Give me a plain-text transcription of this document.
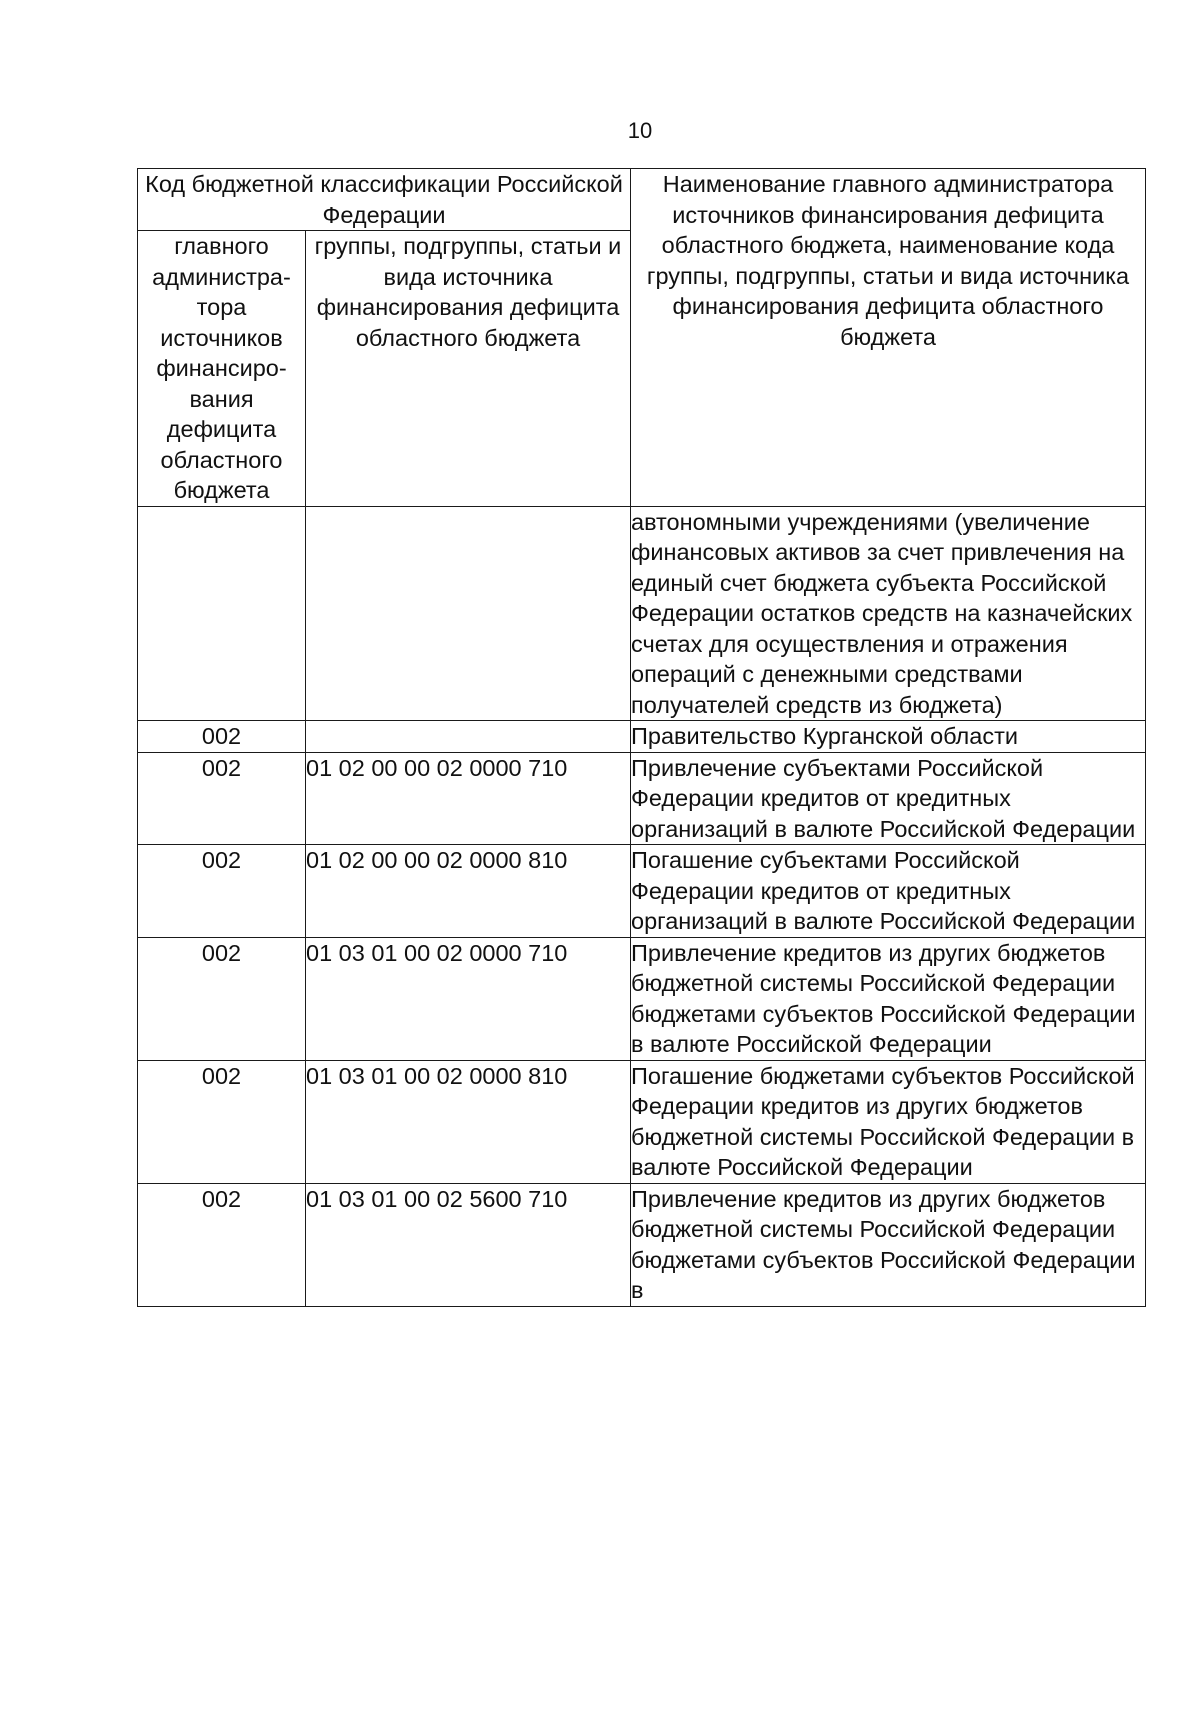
10
Код бюджетной классификации Российской Федерации		Наименование главного администратора источников финансирования дефицита областного бюджета, наименование кода группы, подгруппы, статьи и вида источника финансирования дефицита областного бюджета
главного администра-тора источников финансиро-вания дефицита областного бюджета	группы, подгруппы, статьи и вида источника финансирования дефицита областного бюджета	
		автономными учреждениями (увеличение финансовых активов за счет привлечения на единый счет бюджета субъекта Российской Федерации остатков средств на казначейских счетах для осуществления и отражения операций с денежными средствами получателей средств из бюджета)
002		Правительство Курганской области
002	01 02 00 00 02 0000 710	Привлечение субъектами Российской Федерации кредитов от кредитных организаций в валюте Российской Федерации
002	01 02 00 00 02 0000 810	Погашение субъектами Российской Федерации кредитов от кредитных организаций в валюте Российской Федерации
002	01 03 01 00 02 0000 710	Привлечение кредитов из других бюджетов бюджетной системы Российской Федерации бюджетами субъектов Российской Федерации в валюте Российской Федерации
002	01 03 01 00 02 0000 810	Погашение бюджетами субъектов Российской Федерации кредитов из других бюджетов бюджетной системы Российской Федерации в валюте Российской Федерации
002	01 03 01 00 02 5600 710	Привлечение кредитов из других бюджетов бюджетной системы Российской Федерации бюджетами субъектов Российской Федерации в
